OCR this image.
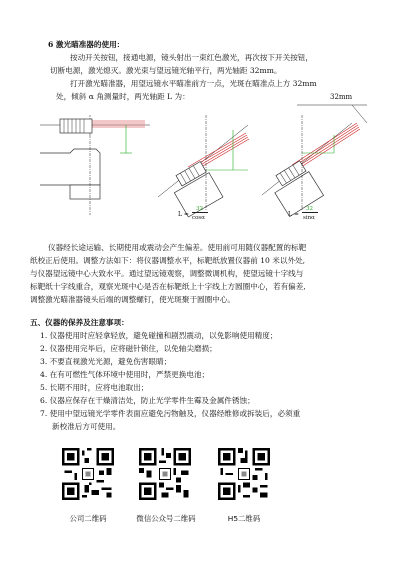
6 激光瞄准器的使用：
按动开关按钮，接通电源，镜头射出一束红色激光，再次按下开关按钮，
切断电源，激光熄灭。激光束与望远镜光轴平行，两光轴距 32mm。
打开激光瞄准器，用望远镜水平瞄准前方一点，光斑在瞄准点上方 32mm
处，倾斜 α 角测量时，两光轴距 L 为：
L =
32
cosα
32mm
L =
32
sinα
仪器经长途运输、长期使用或震动会产生偏差。使用前可用随仪器配置的标靶
纸校正后使用。调整方法如下：将仪器调整水平，标靶纸放置仪器前 10 米以外处,
与仪器望远镜中心大致水平。通过望远镜观察，调整微调机构，使望远镜十字线与
标靶纸十字线重合，观察光斑中心是否在标靶纸上十字线上方圆圈中心，若有偏差,
调整激光瞄准器镜头后端的调整螺钉，使光斑聚于圆圈中心。
五、仪器的保养及注意事项：
1. 仪器使用时应轻拿轻放，避免碰撞和剧烈震动，以免影响使用精度；
2. 仪器使用完毕后，应将磁针锁住，以免轴尖磨损；
3. 不要直视激光光源，避免伤害眼睛；
4. 在有可燃性气体环境中使用时，严禁更换电池；
5. 长期不用时，应将电池取出；
6. 仪器应保存在干燥清洁处，防止光学零件生霉及金属件锈蚀；
7. 使用中望远镜光学零件表面应避免污物触及，仪器经维修或拆装后，必须重
新校准后方可使用。
公司二维码	微信公众号二维码	H5二维码
